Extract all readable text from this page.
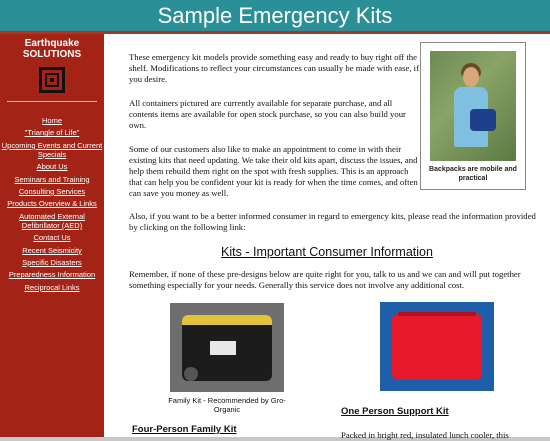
Sample Emergency Kits
Earthquake
SOLUTIONS
Home
"Triangle of Life"
Upcoming Events and Current Specials
About Us
Seminars and Training
Consulting Services
Products Overview & Links
Automated External Defibrillator (AED)
Contact Us
Recent Seismicity
Specific Disasters
Preparedness Information
Reciprocal Links

These emergency kit models provide something easy and ready to buy right off the shelf. Modifications to reflect your circumstances can usually be made with ease, if you desire.

All containers pictured are currently available for separate purchase, and all contents items are available for open stock purchase, so you can also build your own.

Some of our customers also like to make an appointment to come in with their existing kits that need updating. We take their old kits apart, discuss the issues, and help them rebuild them right on the spot with fresh supplies. This is an approach that can help you be confident your kit is ready for when the time comes, and often can save you money as well.

Backpacks are mobile and practical

Also, if you want to be a better informed consumer in regard to emergency kits, please read the information provided by clicking on the following link:

Kits - Important Consumer Information

Remember, if none of these pre-designs below are quite right for you, talk to us and we can and will put together something especially for your needs. Generally this service does not involve any additional cost.

Family Kit - Recommended by Gro-Organic	One Person Support Kit

Four-Person Family Kit	Packed in bright red, insulated lunch cooler, this
